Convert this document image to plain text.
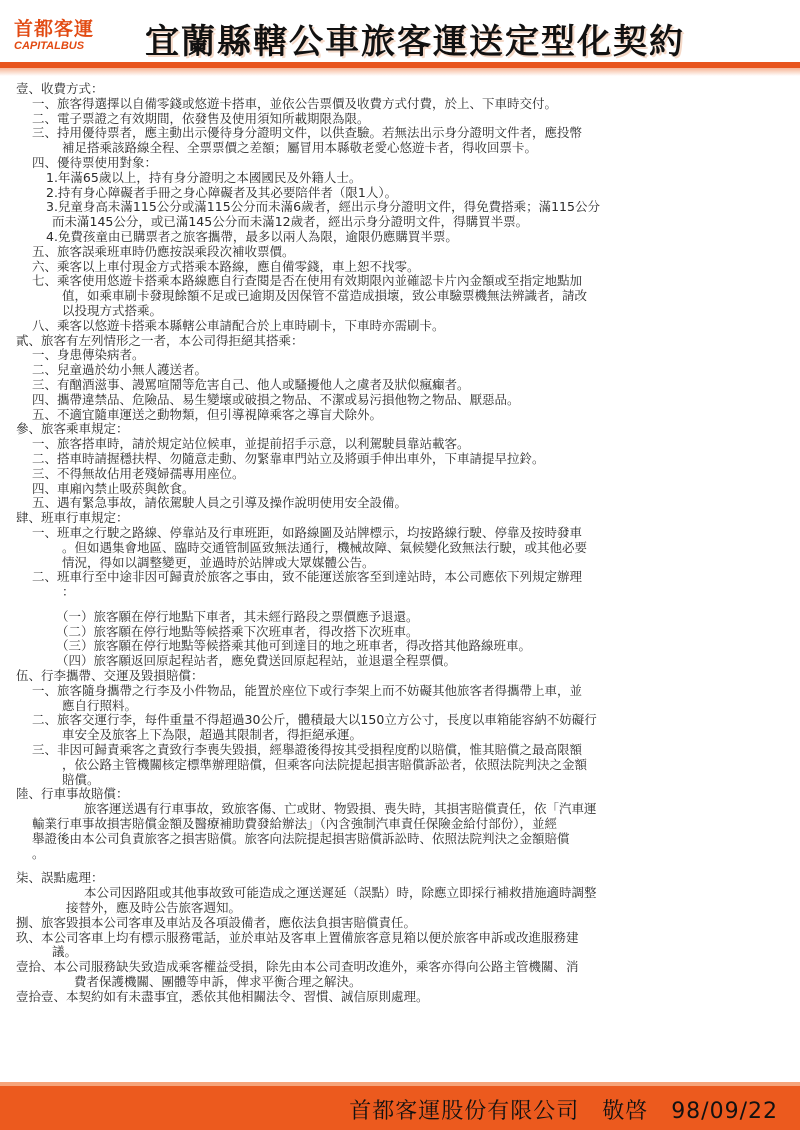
首都客運
CAPITALBUS	宜蘭縣轄公車旅客運送定型化契約
壹、收費方式：
一、旅客得選擇以自備零錢或悠遊卡搭車，並依公告票價及收費方式付費，於上、下車時交付。
二、電子票證之有效期間，依發售及使用須知所載期限為限。
三、持用優待票者，應主動出示優待身分證明文件，以供查驗。若無法出示身分證明文件者，應投幣
補足搭乘該路線全程、全票票價之差額；屬冒用本縣敬老愛心悠遊卡者，得收回票卡。
四、優待票使用對象：
1.年滿65歲以上，持有身分證明之本國國民及外籍人士。
2.持有身心障礙者手冊之身心障礙者及其必要陪伴者（限1人）。
3.兒童身高未滿115公分或滿115公分而未滿6歲者，經出示身分證明文件，得免費搭乘；滿115公分
而未滿145公分，或已滿145公分而未滿12歲者，經出示身分證明文件，得購買半票。
4.免費孩童由已購票者之旅客攜帶，最多以兩人為限，逾限仍應購買半票。
五、旅客誤乘班車時仍應按誤乘段次補收票價。
六、乘客以上車付現金方式搭乘本路線，應自備零錢，車上恕不找零。
七、乘客使用悠遊卡搭乘本路線應自行查閱是否在使用有效期限內並確認卡片內金額或至指定地點加
值，如乘車刷卡發現餘額不足或已逾期及因保管不當造成損壞，致公車驗票機無法辨識者，請改
以投現方式搭乘。
八、乘客以悠遊卡搭乘本縣轄公車請配合於上車時刷卡，下車時亦需刷卡。
貳、旅客有左列情形之一者，本公司得拒絕其搭乘：
一、身患傳染病者。
二、兒童過於幼小無人護送者。
三、有酗酒滋事、謾罵喧鬧等危害自己、他人或騷擾他人之虞者及狀似瘋癲者。
四、攜帶違禁品、危險品、易生變壞或破損之物品、不潔或易污損他物之物品、厭惡品。
五、不適宜隨車運送之動物類，但引導視障乘客之導盲犬除外。
參、旅客乘車規定：
一、旅客搭車時，請於規定站位候車，並提前招手示意，以利駕駛員靠站載客。
二、搭車時請握穩扶桿、勿隨意走動、勿緊靠車門站立及將頭手伸出車外，下車請提早拉鈴。
三、不得無故佔用老殘婦孺專用座位。
四、車廂內禁止吸菸與飲食。
五、遇有緊急事故，請依駕駛人員之引導及操作說明使用安全設備。
肆、班車行車規定：
一、班車之行駛之路線、停靠站及行車班距，如路線圖及站牌標示，均按路線行駛、停靠及按時發車
。但如遇集會地區、臨時交通管制區致無法通行，機械故障、氣候變化致無法行駛，或其他必要
情況，得如以調整變更，並過時於站牌或大眾媒體公告。
二、班車行至中途非因可歸責於旅客之事由，致不能運送旅客至到達站時，本公司應依下列規定辦理
：
（一）旅客願在停行地點下車者，其未經行路段之票價應予退還。
（二）旅客願在停行地點等候搭乘下次班車者，得改搭下次班車。
（三）旅客願在停行地點等候搭乘其他可到達目的地之班車者，得改搭其他路線班車。
（四）旅客願返回原起程站者，應免費送回原起程站，並退還全程票價。
伍、行李攜帶、交運及毀損賠償：
一、旅客隨身攜帶之行李及小件物品，能置於座位下或行李架上而不妨礙其他旅客者得攜帶上車，並
應自行照料。
二、旅客交運行李，每件重量不得超過30公斤，體積最大以150立方公寸，長度以車箱能容納不妨礙行
車安全及旅客上下為限，超過其限制者，得拒絕承運。
三、非因可歸責乘客之責致行李喪失毀損，經舉證後得按其受損程度酌以賠償，惟其賠償之最高限額
，依公路主管機關核定標準辦理賠償，但乘客向法院提起損害賠償訴訟者，依照法院判決之金額
賠償。
陸、行車事故賠償：
旅客運送遇有行車事故，致旅客傷、亡或財、物毀損、喪失時，其損害賠償責任，依「汽車運
輸業行車事故損害賠償金額及醫療補助費發給辦法」（內含強制汽車責任保險金給付部份），並經
舉證後由本公司負責旅客之損害賠償。旅客向法院提起損害賠償訴訟時、依照法院判決之金額賠償
。
柒、誤點處理：
本公司因路阻或其他事故致可能造成之運送遲延（誤點）時，除應立即採行補救措施適時調整
接替外，應及時公告旅客週知。
捌、旅客毀損本公司客車及車站及各項設備者，應依法負損害賠償責任。
玖、本公司客車上均有標示服務電話，並於車站及客車上置備旅客意見箱以便於旅客申訴或改進服務建
議。
壹拾、本公司服務缺失致造成乘客權益受損，除先由本公司查明改進外，乘客亦得向公路主管機關、消
費者保護機關、團體等申訴，俾求平衡合理之解決。
壹拾壹、本契約如有未盡事宜，悉依其他相關法令、習慣、誠信原則處理。
首都客運股份有限公司　敬啓　98/09/22
